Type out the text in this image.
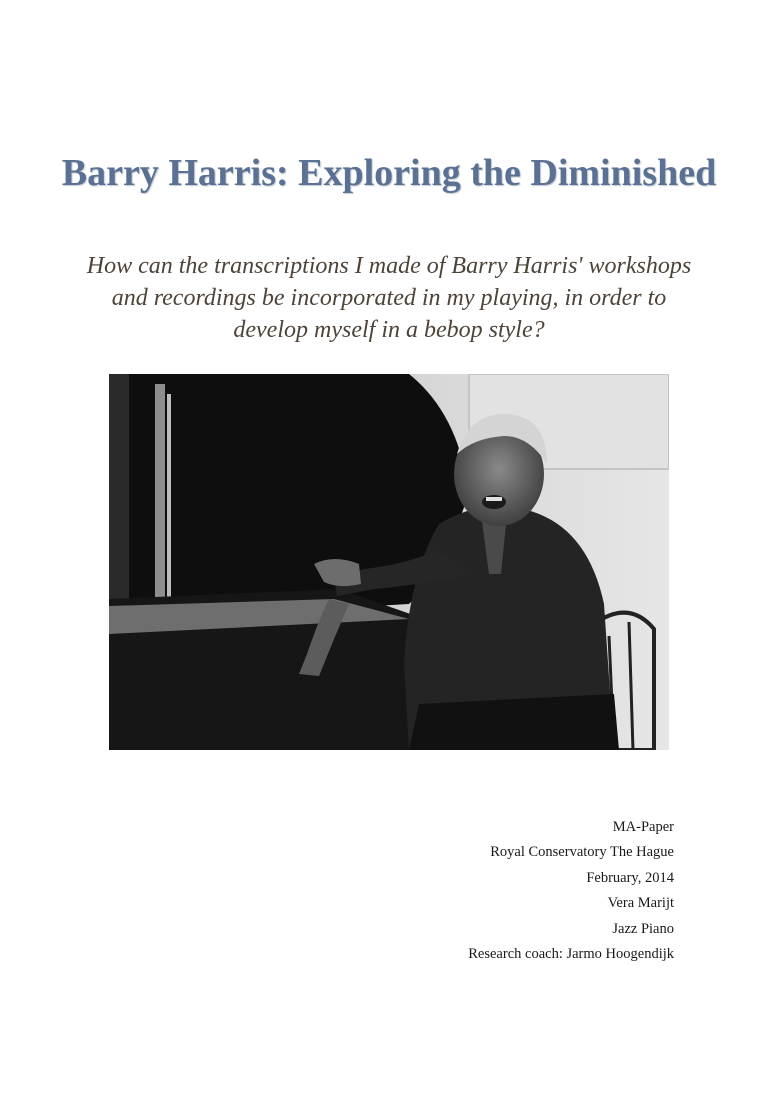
Barry Harris: Exploring the Diminished

How can the transcriptions I made of Barry Harris' workshops and recordings be incorporated in my playing, in order to develop myself in a bebop style?

MA-Paper
Royal Conservatory The Hague
February, 2014
Vera Marijt
Jazz Piano
Research coach: Jarmo Hoogendijk
